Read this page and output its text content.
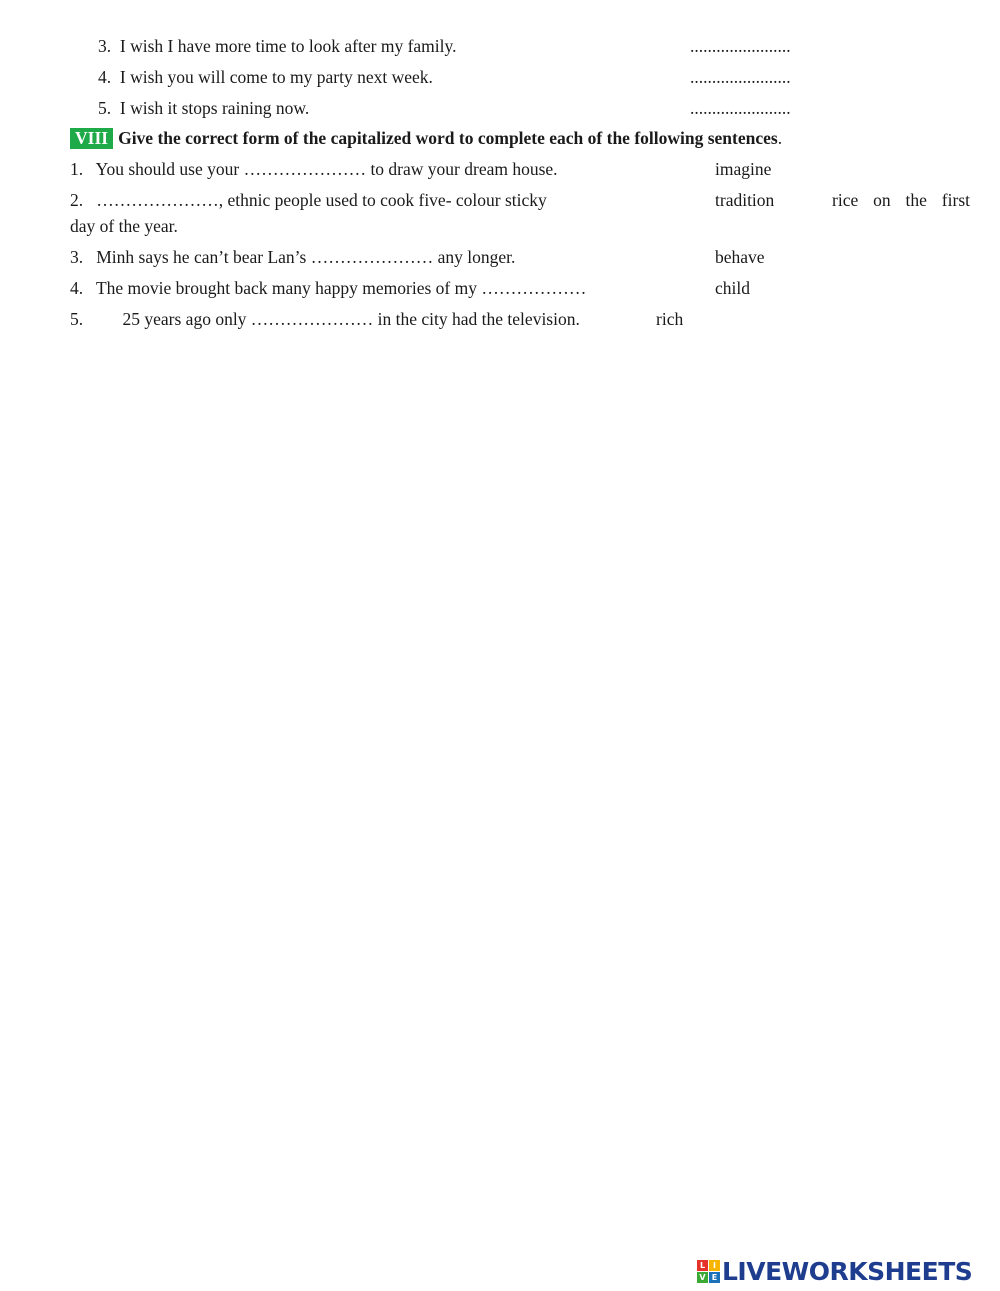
3. I wish I have more time to look after my family.	.......................
4. I wish you will come to my party next week.	.......................
5. I wish it stops raining now.	.......................
VIII Give the correct form of the capitalized word to complete each of the following sentences.
1. You should use your ………………… to draw your dream house.	imagine
2. …………………, ethnic people used to cook five- colour sticky	tradition	rice on the first
day of the year.
3. Minh says he can’t bear Lan’s ………………… any longer.	behave
4. The movie brought back many happy memories of my ………………	child
5. 25 years ago only ………………… in the city had the television.	rich
L I
V E LIVEWORKSHEETS
